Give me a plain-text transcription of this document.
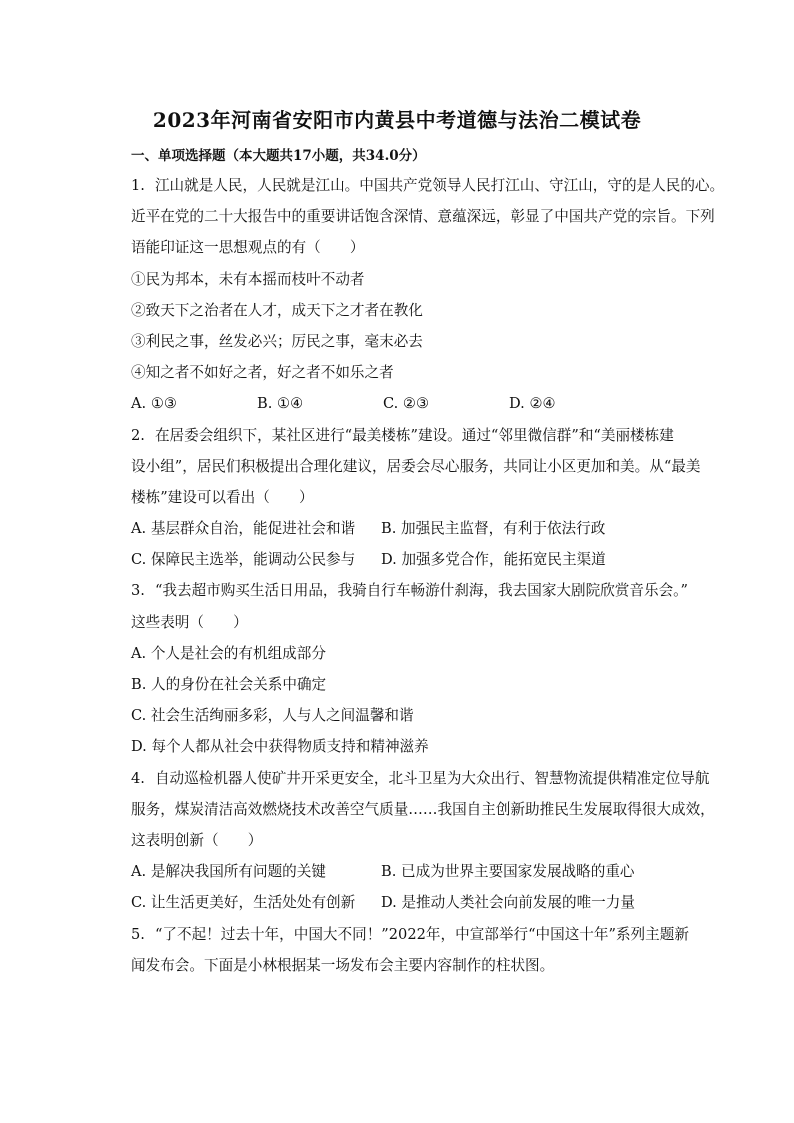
2023年河南省安阳市内黄县中考道德与法治二模试卷
一、单项选择题（本大题共17小题，共34.0分）
1. 江山就是人民，人民就是江山。中国共产党领导人民打江山、守江山，守的是人民的心。
近平在党的二十大报告中的重要讲话饱含深情、意蕴深远，彰显了中国共产党的宗旨。下列
语能印证这一思想观点的有（　　）
①民为邦本，未有本摇而枝叶不动者
②致天下之治者在人才，成天下之才者在教化
③利民之事，丝发必兴；厉民之事，毫末必去
④知之者不如好之者，好之者不如乐之者
A. ①③	B. ①④	C. ②③	D. ②④
2. 在居委会组织下，某社区进行“最美楼栋”建设。通过“邻里微信群”和“美丽楼栋建
设小组”，居民们积极提出合理化建议，居委会尽心服务，共同让小区更加和美。从“最美
楼栋”建设可以看出（　　）
A. 基层群众自治，能促进社会和谐	B. 加强民主监督，有利于依法行政
C. 保障民主选举，能调动公民参与	D. 加强多党合作，能拓宽民主渠道
3. “我去超市购买生活日用品，我骑自行车畅游什刹海，我去国家大剧院欣赏音乐会。”
这些表明（　　）
A. 个人是社会的有机组成部分
B. 人的身份在社会关系中确定
C. 社会生活绚丽多彩，人与人之间温馨和谐
D. 每个人都从社会中获得物质支持和精神滋养
4. 自动巡检机器人使矿井开采更安全，北斗卫星为大众出行、智慧物流提供精准定位导航
服务，煤炭清洁高效燃烧技术改善空气质量……我国自主创新助推民生发展取得很大成效，
这表明创新（　　）
A. 是解决我国所有问题的关键	B. 已成为世界主要国家发展战略的重心
C. 让生活更美好，生活处处有创新	D. 是推动人类社会向前发展的唯一力量
5. “了不起！过去十年，中国大不同！”2022年，中宣部举行“中国这十年”系列主题新
闻发布会。下面是小林根据某一场发布会主要内容制作的柱状图。
